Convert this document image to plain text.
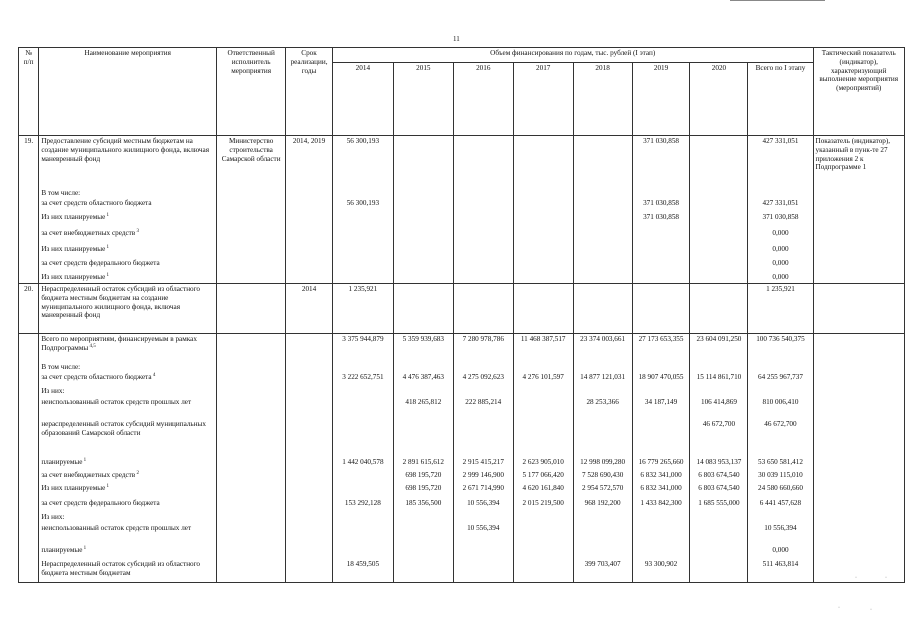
11
№
п/п	Наименование мероприятия	Ответственный исполнитель мероприятия	Срок реализации, годы	Объем финансирования по годам, тыс. рублей (I этап)								Тактический показатель (индикатор), характеризующий выполнение мероприятия (мероприятий)
				2014	2015	2016	2017	2018	2019	2020	Всего по I этапу	
19.	Предоставление субсидий местным бюджетам на создание муниципального жилищного фонда, включая маневренный фонд	Министерство строительства Самарской области	2014, 2019	56 300,193					371 030,858		427 331,051	Показатель (индикатор), указанный в пунк-те 27 приложения 2 к Подпрограмме 1
	В том числе:											
	за счет средств областного бюджета			56 300,193					371 030,858		427 331,051	
	Из них планируемые $^1$								371 030,858		371 030,858	
	за счет внебюджетных средств $^3$										0,000	
	Из них планируемые $^1$										0,000	
	за счет средств федерального бюджета										0,000	
	Из них планируемые $^1$										0,000	
20.	Нераспределенный остаток субсидий из областного бюджета местным бюджетам на создание муниципального жилищного фонда, включая маневренный фонд		2014	1 235,921							1 235,921	
	Всего по мероприятиям, финансируемым в рамках Подпрограммы $^{4,5}$			3 375 944,879	5 359 939,683	7 280 978,786	11 468 387,517	23 374 003,661	27 173 653,355	23 604 091,250	100 736 540,375	
	В том числе:											
	за счет средств областного бюджета $^4$			3 222 652,751	4 476 387,463	4 275 092,623	4 276 101,597	14 877 121,031	18 907 470,055	15 114 861,710	64 255 967,737	
	Из них:											
	неиспользованный остаток средств прошлых лет				418 265,812	222 885,214		28 253,366	34 187,149	106 414,869	810 006,410	
	нераспределенный остаток субсидий муниципальных образований Самарской области									46 672,700	46 672,700	
	планируемые $^1$			1 442 040,578	2 891 615,612	2 915 415,217	2 623 905,010	12 998 099,280	16 779 265,660	14 083 953,137	53 650 581,412	
	за счет внебюджетных средств $^2$				698 195,720	2 999 146,900	5 177 066,420	7 528 690,430	6 832 341,000	6 803 674,540	30 039 115,010	
	Из них планируемые $^1$				698 195,720	2 671 714,990	4 620 161,840	2 954 572,570	6 832 341,000	6 803 674,540	24 580 660,660	
	за счет средств федерального бюджета			153 292,128	185 356,500	10 556,394	2 015 219,500	968 192,200	1 433 842,300	1 685 555,000	6 441 457,628	
	Из них:											
	неиспользованный остаток средств прошлых лет					10 556,394					10 556,394	
	планируемые $^1$										0,000	
	Нераспределенный остаток субсидий из областного бюджета местным бюджетам			18 459,505				399 703,407	93 300,902		511 463,814	
·	·
·	·
